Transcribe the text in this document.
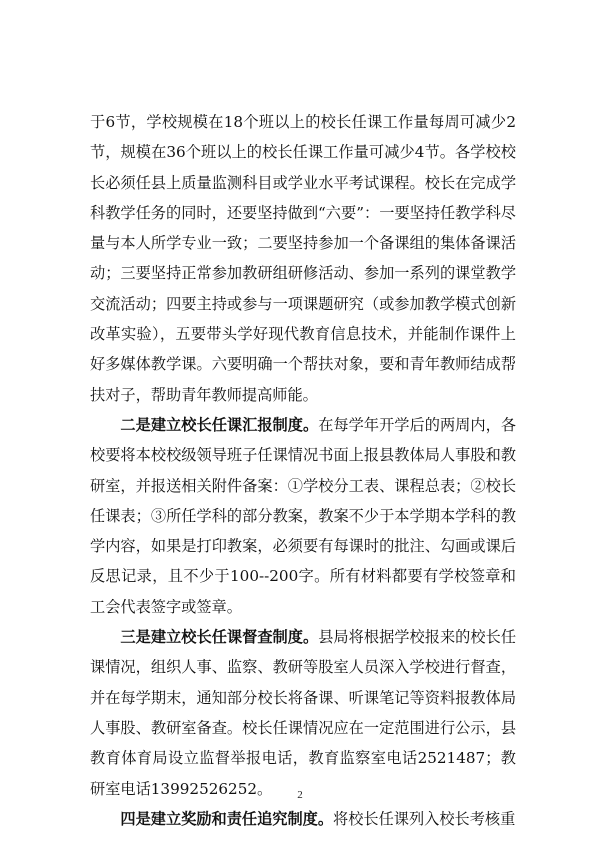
于6节，学校规模在18个班以上的校长任课工作量每周可减少2节，规模在36个班以上的校长任课工作量可减少4节。各学校校长必须任县上质量监测科目或学业水平考试课程。校长在完成学科教学任务的同时，还要坚持做到“六要”：一要坚持任教学科尽量与本人所学专业一致；二要坚持参加一个备课组的集体备课活动；三要坚持正常参加教研组研修活动、参加一系列的课堂教学交流活动；四要主持或参与一项课题研究（或参加教学模式创新改革实验），五要带头学好现代教育信息技术，并能制作课件上好多媒体教学课。六要明确一个帮扶对象，要和青年教师结成帮扶对子，帮助青年教师提高师能。

二是建立校长任课汇报制度。在每学年开学后的两周内，各校要将本校校级领导班子任课情况书面上报县教体局人事股和教研室，并报送相关附件备案：①学校分工表、课程总表；②校长任课表；③所任学科的部分教案，教案不少于本学期本学科的教学内容，如果是打印教案，必须要有每课时的批注、勾画或课后反思记录，且不少于100--200字。所有材料都要有学校签章和工会代表签字或签章。

三是建立校长任课督查制度。县局将根据学校报来的校长任课情况，组织人事、监察、教研等股室人员深入学校进行督查，并在每学期末，通知部分校长将备课、听课笔记等资料报教体局人事股、教研室备查。校长任课情况应在一定范围进行公示，县教育体育局设立监督举报电话，教育监察室电话2521487；教研室电话13992526252。

四是建立奖励和责任追究制度。将校长任课列入校长考核重

2
